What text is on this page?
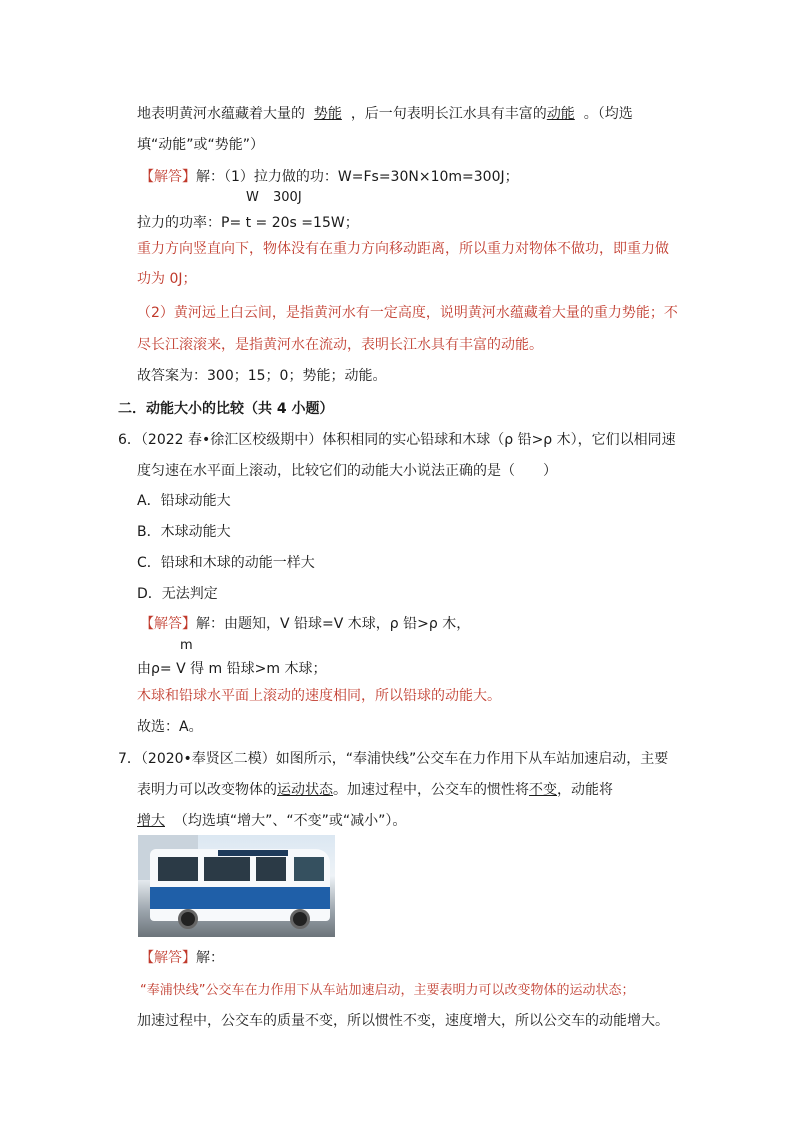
地表明黄河水蕴藏着大量的 势能 ，后一句表明长江水具有丰富的动能 。（均选
填“动能”或“势能”）
【解答】解：（1）拉力做的功：W=Fs=30N×10m=300J；
W 300J
拉力的功率：P= t = 20s =15W；
重力方向竖直向下，物体没有在重力方向移动距离，所以重力对物体不做功，即重力做
功为 0J；
（2）黄河远上白云间，是指黄河水有一定高度，说明黄河水蕴藏着大量的重力势能；不
尽长江滚滚来，是指黄河水在流动，表明长江水具有丰富的动能。
故答案为：300；15；0；势能；动能。
二．动能大小的比较（共 4 小题）
6．（2022 春•徐汇区校级期中）体积相同的实心铅球和木球（ρ 铅>ρ 木），它们以相同速
度匀速在水平面上滚动，比较它们的动能大小说法正确的是（　　）
A．铅球动能大
B．木球动能大
C．铅球和木球的动能一样大
D．无法判定
【解答】解：由题知，V 铅球=V 木球，ρ 铅>ρ 木，
m
由ρ= V 得 m 铅球>m 木球；
木球和铅球水平面上滚动的速度相同，所以铅球的动能大。
故选：A。
7．（2020•奉贤区二模）如图所示，“奉浦快线”公交车在力作用下从车站加速启动，主要
表明力可以改变物体的运动状态。加速过程中，公交车的惯性将不变，动能将
增大 （均选填“增大”、“不变”或“减小”）。
【解答】解：
“奉浦快线”公交车在力作用下从车站加速启动，主要表明力可以改变物体的运动状态；
加速过程中，公交车的质量不变，所以惯性不变，速度增大，所以公交车的动能增大。
